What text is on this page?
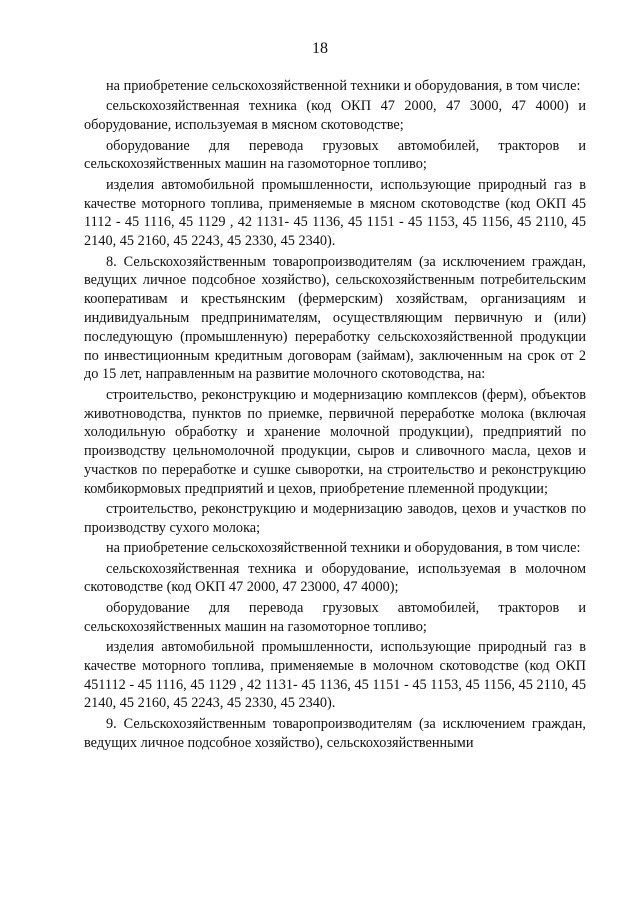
18

на приобретение сельскохозяйственной техники и оборудования, в том числе:

сельскохозяйственная техника (код ОКП 47 2000, 47 3000, 47 4000) и оборудование, используемая в мясном скотоводстве;

оборудование для перевода грузовых автомобилей, тракторов и сельскохозяйственных машин на газомоторное топливо;

изделия автомобильной промышленности, использующие природный газ в качестве моторного топлива, применяемые в мясном скотоводстве (код ОКП 45 1112 - 45 1116, 45 1129 , 42 1131- 45 1136, 45 1151 - 45 1153, 45 1156, 45 2110, 45 2140, 45 2160, 45 2243, 45 2330, 45 2340).

8. Сельскохозяйственным товаропроизводителям (за исключением граждан, ведущих личное подсобное хозяйство), сельскохозяйственным потребительским кооперативам и крестьянским (фермерским) хозяйствам, организациям и индивидуальным предпринимателям, осуществляющим первичную и (или) последующую (промышленную) переработку сельскохозяйственной продукции по инвестиционным кредитным договорам (займам), заключенным на срок от 2 до 15 лет, направленным на развитие молочного скотоводства, на:

строительство, реконструкцию и модернизацию комплексов (ферм), объектов животноводства, пунктов по приемке, первичной переработке молока (включая холодильную обработку и хранение молочной продукции), предприятий по производству цельномолочной продукции, сыров и сливочного масла, цехов и участков по переработке и сушке сыворотки, на строительство и реконструкцию комбикормовых предприятий и цехов, приобретение племенной продукции;

строительство, реконструкцию и модернизацию заводов, цехов и участков по производству сухого молока;

на приобретение сельскохозяйственной техники и оборудования, в том числе:

сельскохозяйственная техника и оборудование, используемая в молочном скотоводстве (код ОКП 47 2000, 47 23000, 47 4000);

оборудование для перевода грузовых автомобилей, тракторов и сельскохозяйственных машин на газомоторное топливо;

изделия автомобильной промышленности, использующие природный газ в качестве моторного топлива, применяемые в молочном скотоводстве (код ОКП 451112 - 45 1116, 45 1129 , 42 1131- 45 1136, 45 1151 - 45 1153, 45 1156, 45 2110, 45 2140, 45 2160, 45 2243, 45 2330, 45 2340).

9. Сельскохозяйственным товаропроизводителям (за исключением граждан, ведущих личное подсобное хозяйство), сельскохозяйственными
